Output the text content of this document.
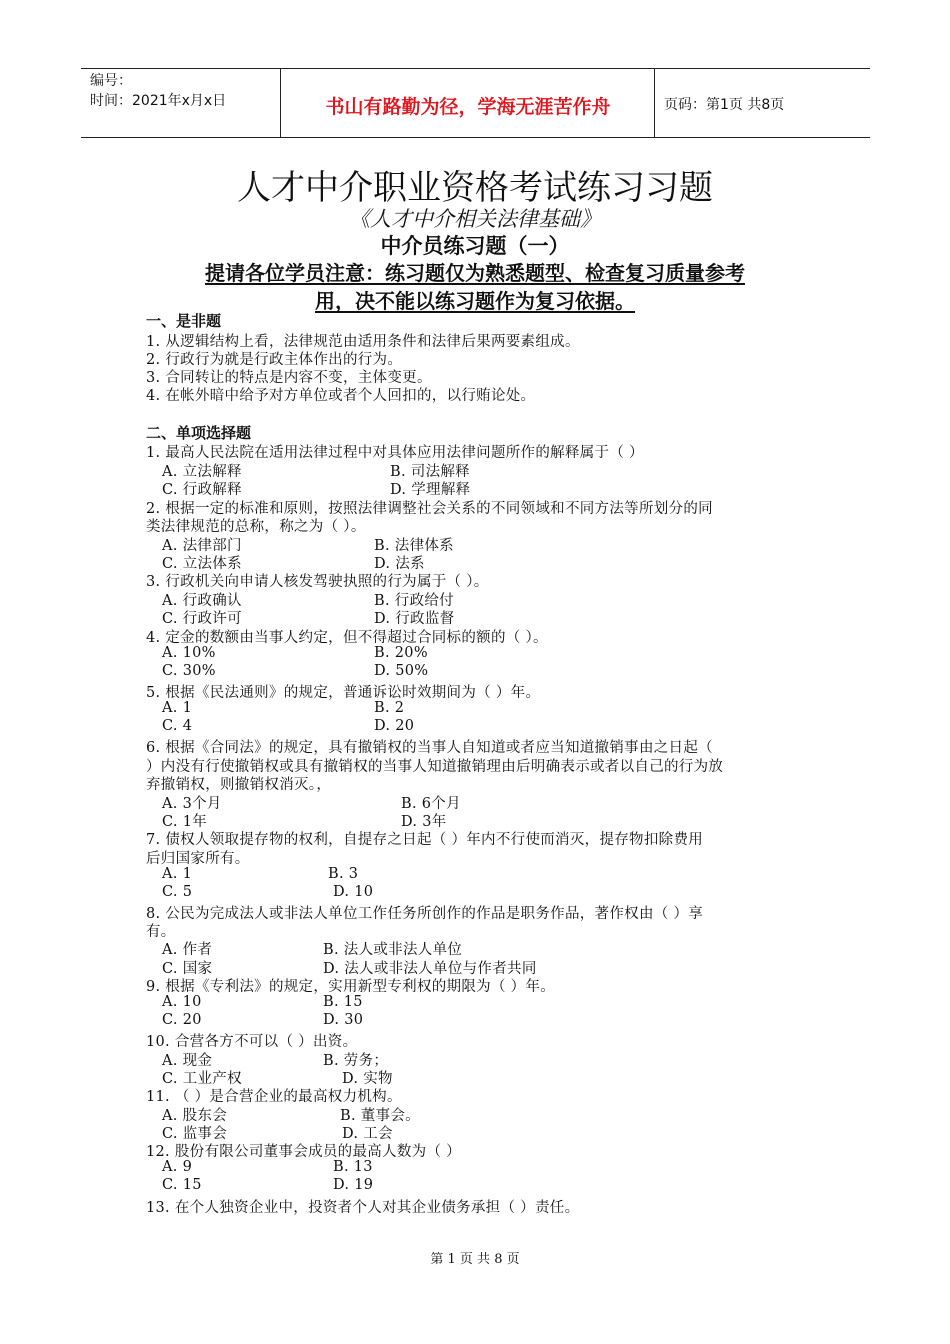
编号：
时间：2021年x月x日	书山有路勤为径，学海无涯苦作舟	页码：第1页 共8页
人才中介职业资格考试练习习题
《人才中介相关法律基础》
中介员练习题（一）
提请各位学员注意：练习题仅为熟悉题型、检查复习质量参考
用，决不能以练习题作为复习依据。
一、是非题
1. 从逻辑结构上看，法律规范由适用条件和法律后果两要素组成。
2. 行政行为就是行政主体作出的行为。
3. 合同转让的特点是内容不变，主体变更。
4. 在帐外暗中给予对方单位或者个人回扣的，以行贿论处。
二、单项选择题
1. 最高人民法院在适用法律过程中对具体应用法律问题所作的解释属于（ ）
A. 立法解释	B. 司法解释
C. 行政解释	D. 学理解释
2. 根据一定的标准和原则，按照法律调整社会关系的不同领域和不同方法等所划分的同
类法律规范的总称，称之为（ ）。
A. 法律部门	B. 法律体系
C. 立法体系	D. 法系
3. 行政机关向申请人核发驾驶执照的行为属于（ ）。
A. 行政确认	B. 行政给付
C. 行政许可	D. 行政监督
4. 定金的数额由当事人约定，但不得超过合同标的额的（ ）。
A. 10%	B. 20%
C. 30%	D. 50%
5. 根据《民法通则》的规定，普通诉讼时效期间为（ ）年。
A. 1	B. 2
C. 4	D. 20
6. 根据《合同法》的规定，具有撤销权的当事人自知道或者应当知道撤销事由之日起（
）内没有行使撤销权或具有撤销权的当事人知道撤销理由后明确表示或者以自己的行为放
弃撤销权，则撤销权消灭。，
A. 3个月	B. 6个月
C. 1年	D. 3年
7. 债权人领取提存物的权利，自提存之日起（ ）年内不行使而消灭，提存物扣除费用
后归国家所有。
A. 1	B. 3
C. 5	D. 10
8. 公民为完成法人或非法人单位工作任务所创作的作品是职务作品，著作权由（ ）享
有。
A. 作者	B. 法人或非法人单位
C. 国家	D. 法人或非法人单位与作者共同
9. 根据《专利法》的规定，实用新型专利权的期限为（ ）年。
A. 10	B. 15
C. 20	D. 30
10. 合营各方不可以（ ）出资。
A. 现金	B. 劳务；
C. 工业产权	D. 实物
11. （ ）是合营企业的最高权力机构。
A. 股东会	B. 董事会。
C. 监事会	D. 工会
12. 股份有限公司董事会成员的最高人数为（ ）
A. 9	B. 13
C. 15	D. 19
13. 在个人独资企业中，投资者个人对其企业债务承担（ ）责任。
第 1 页 共 8 页
